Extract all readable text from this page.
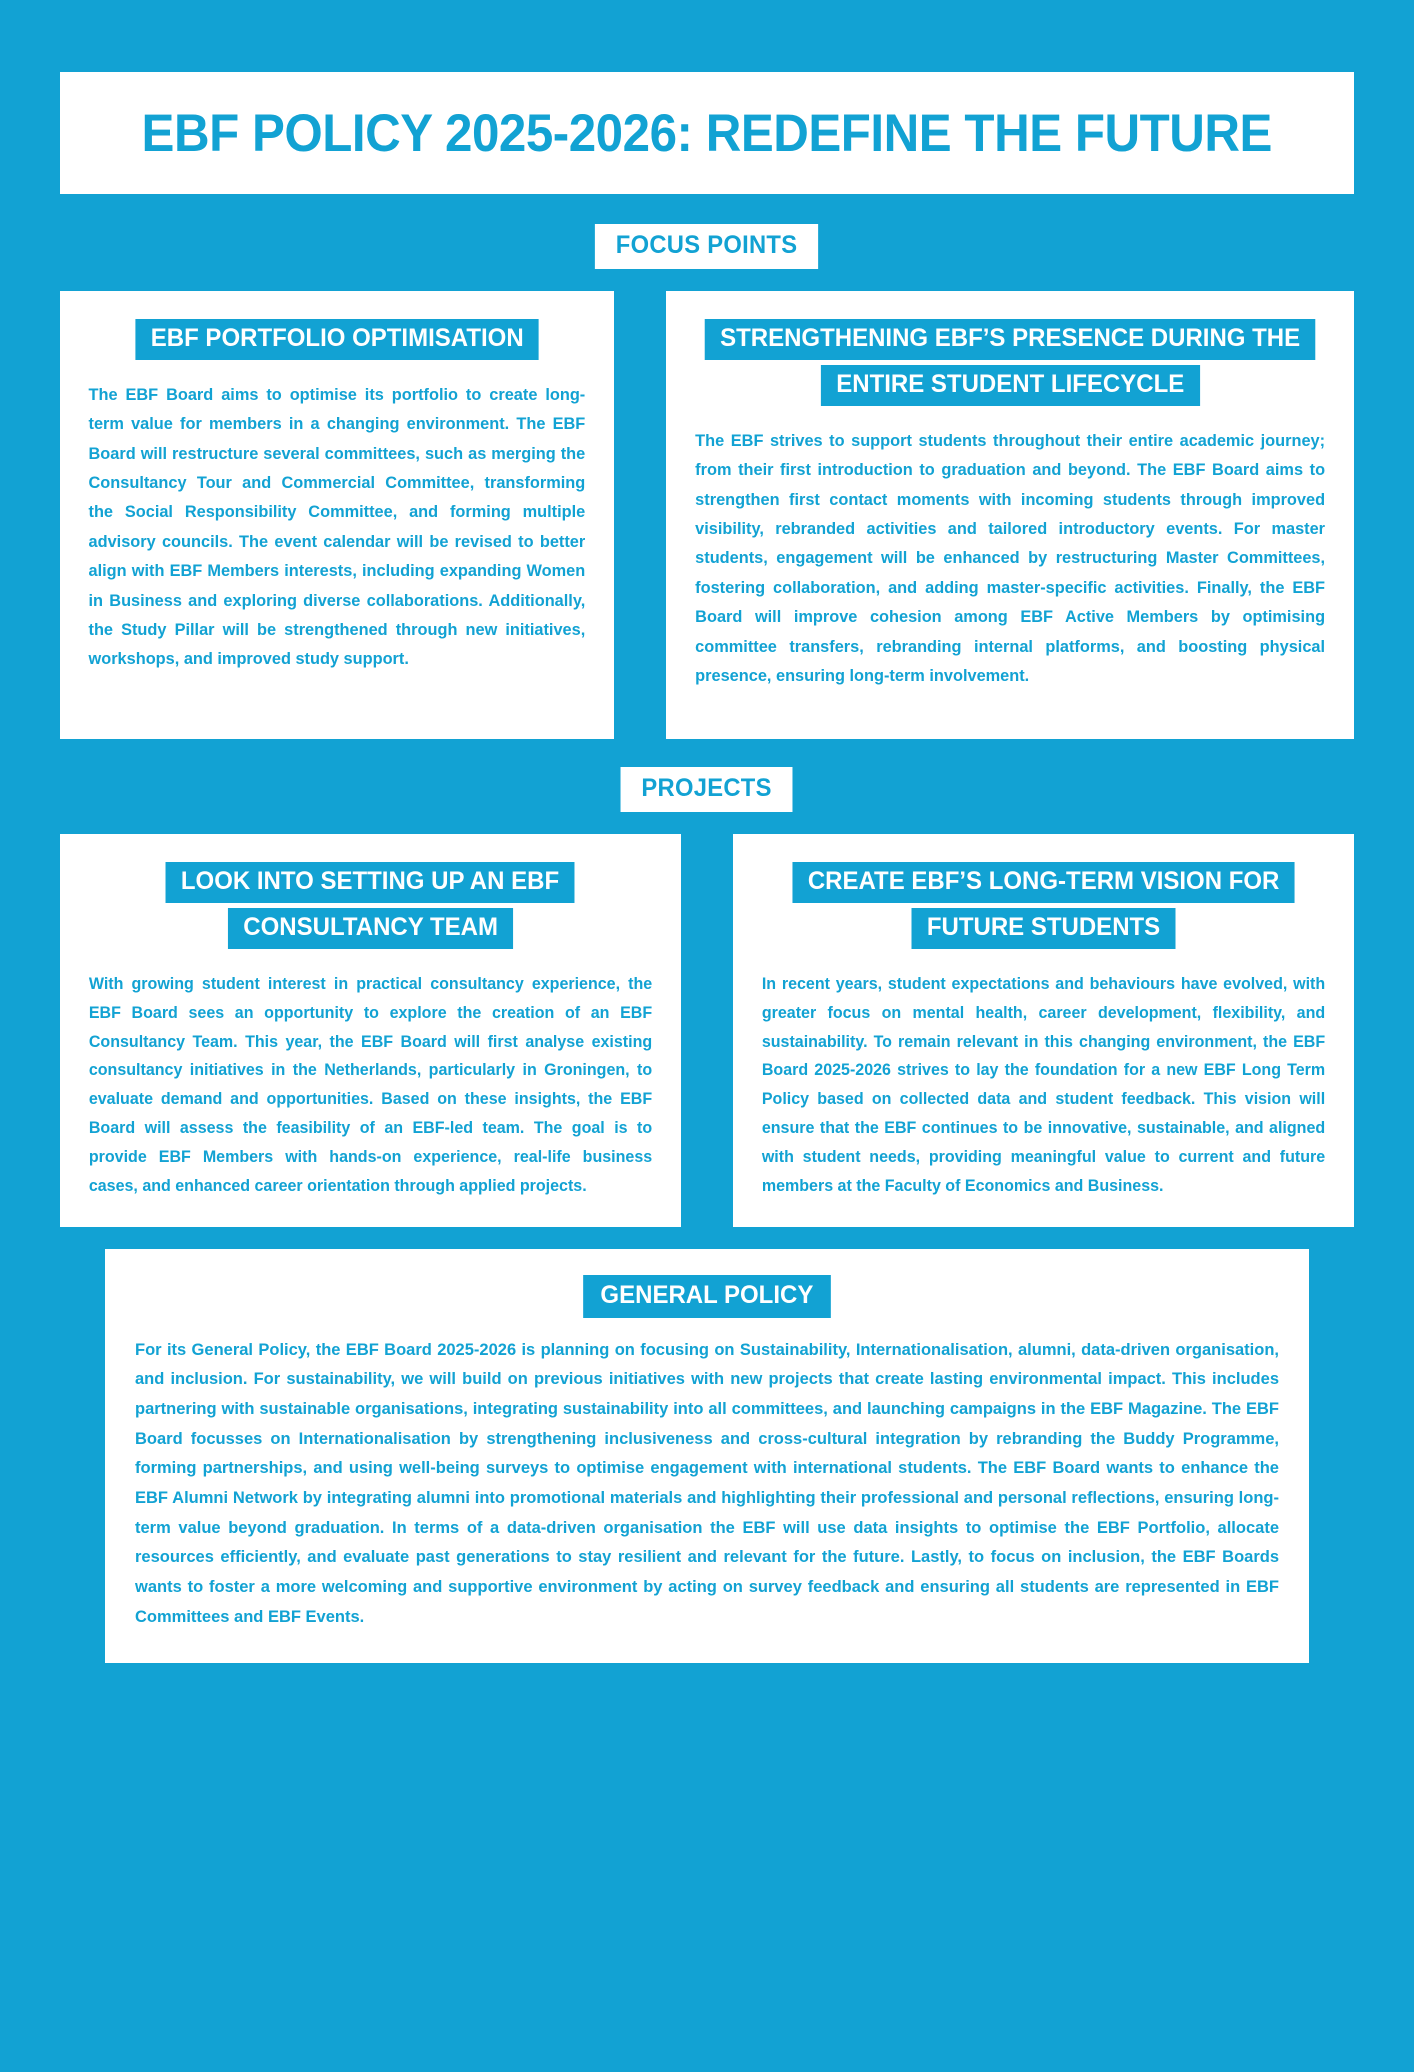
EBF POLICY 2025-2026: REDEFINE THE FUTURE
FOCUS POINTS
EBF PORTFOLIO OPTIMISATION
The EBF Board aims to optimise its portfolio to create long-term value for members in a changing environment. The EBF Board will restructure several committees, such as merging the Consultancy Tour and Commercial Committee, transforming the Social Responsibility Committee, and forming multiple advisory councils. The event calendar will be revised to better align with EBF Members interests, including expanding Women in Business and exploring diverse collaborations. Additionally, the Study Pillar will be strengthened through new initiatives, workshops, and improved study support.
STRENGTHENING EBF’S PRESENCE DURING THE
ENTIRE STUDENT LIFECYCLE
The EBF strives to support students throughout their entire academic journey; from their first introduction to graduation and beyond. The EBF Board aims to strengthen first contact moments with incoming students through improved visibility, rebranded activities and tailored introductory events. For master students, engagement will be enhanced by restructuring Master Committees, fostering collaboration, and adding master-specific activities. Finally, the EBF Board will improve cohesion among EBF Active Members by optimising committee transfers, rebranding internal platforms, and boosting physical presence, ensuring long-term involvement.
PROJECTS
LOOK INTO SETTING UP AN EBF
CONSULTANCY TEAM
With growing student interest in practical consultancy experience, the EBF Board sees an opportunity to explore the creation of an EBF Consultancy Team. This year, the EBF Board will first analyse existing consultancy initiatives in the Netherlands, particularly in Groningen, to evaluate demand and opportunities. Based on these insights, the EBF Board will assess the feasibility of an EBF-led team. The goal is to provide EBF Members with hands-on experience, real-life business cases, and enhanced career orientation through applied projects.
CREATE EBF’S LONG-TERM VISION FOR
FUTURE STUDENTS
In recent years, student expectations and behaviours have evolved, with greater focus on mental health, career development, flexibility, and sustainability. To remain relevant in this changing environment, the EBF Board 2025-2026 strives to lay the foundation for a new EBF Long Term Policy based on collected data and student feedback. This vision will ensure that the EBF continues to be innovative, sustainable, and aligned with student needs, providing meaningful value to current and future members at the Faculty of Economics and Business.
GENERAL POLICY
For its General Policy, the EBF Board 2025-2026 is planning on focusing on Sustainability, Internationalisation, alumni, data-driven organisation, and inclusion. For sustainability, we will build on previous initiatives with new projects that create lasting environmental impact. This includes partnering with sustainable organisations, integrating sustainability into all committees, and launching campaigns in the EBF Magazine. The EBF Board focusses on Internationalisation by strengthening inclusiveness and cross-cultural integration by rebranding the Buddy Programme, forming partnerships, and using well-being surveys to optimise engagement with international students. The EBF Board wants to enhance the EBF Alumni Network by integrating alumni into promotional materials and highlighting their professional and personal reflections, ensuring long-term value beyond graduation. In terms of a data-driven organisation the EBF will use data insights to optimise the EBF Portfolio, allocate resources efficiently, and evaluate past generations to stay resilient and relevant for the future. Lastly, to focus on inclusion, the EBF Boards wants to foster a more welcoming and supportive environment by acting on survey feedback and ensuring all students are represented in EBF Committees and EBF Events.
